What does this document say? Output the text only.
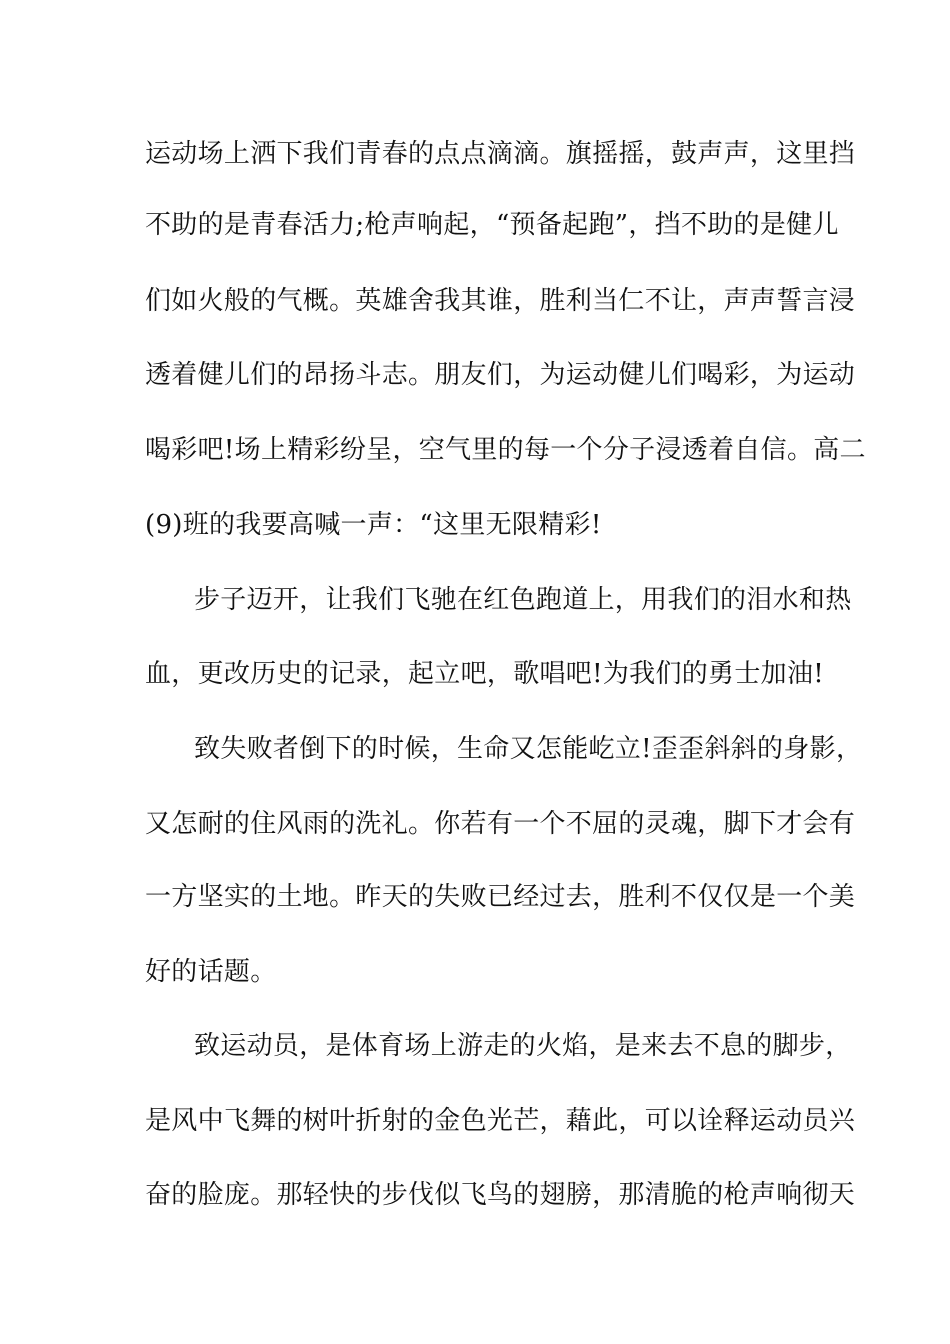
运动场上洒下我们青春的点点滴滴。旗摇摇，鼓声声，这里挡
不助的是青春活力;枪声响起，“预备起跑”，挡不助的是健儿
们如火般的气概。英雄舍我其谁，胜利当仁不让，声声誓言浸
透着健儿们的昂扬斗志。朋友们，为运动健儿们喝彩，为运动
喝彩吧!场上精彩纷呈，空气里的每一个分子浸透着自信。高二
(9)班的我要高喊一声：“这里无限精彩!
步子迈开，让我们飞驰在红色跑道上，用我们的泪水和热
血，更改历史的记录，起立吧，歌唱吧!为我们的勇士加油!
致失败者倒下的时候，生命又怎能屹立!歪歪斜斜的身影，
又怎耐的住风雨的洗礼。你若有一个不屈的灵魂，脚下才会有
一方坚实的土地。昨天的失败已经过去，胜利不仅仅是一个美
好的话题。
致运动员，是体育场上游走的火焰，是来去不息的脚步，
是风中飞舞的树叶折射的金色光芒，藉此，可以诠释运动员兴
奋的脸庞。那轻快的步伐似飞鸟的翅膀，那清脆的枪声响彻天
